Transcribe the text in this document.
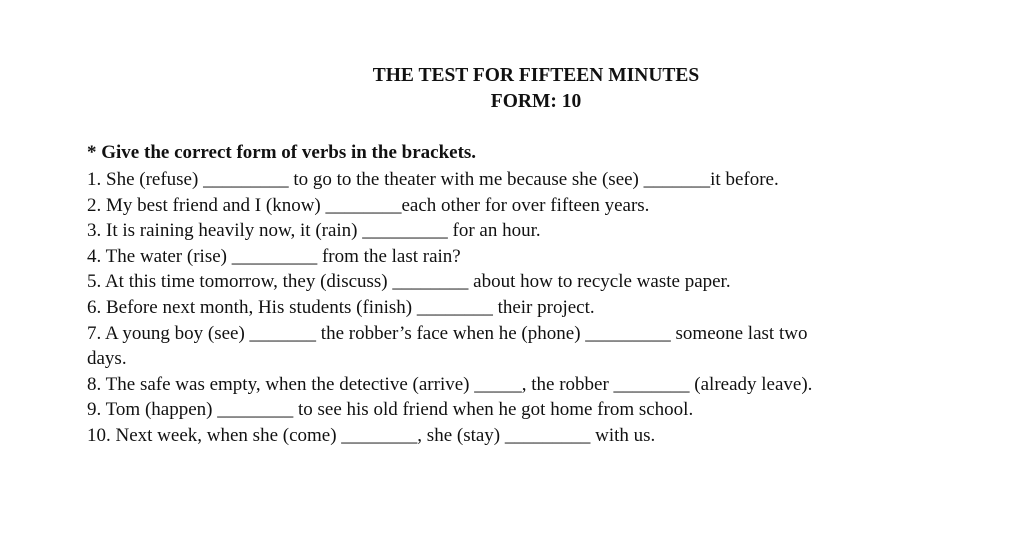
THE TEST FOR FIFTEEN MINUTES
FORM: 10
* Give the correct form of verbs in the brackets.
1. She (refuse) _________ to go to the theater with me because she (see) _______it before.
2. My best friend and I (know) ________each other for over fifteen years.
3. It is raining heavily now, it (rain) _________ for an hour.
4. The water (rise) _________ from the last rain?
5. At this time tomorrow, they (discuss) ________ about how to recycle waste paper.
6. Before next month, His students (finish) ________ their project.
7. A young boy (see) _______ the robber’s face when he (phone) _________ someone last two
days.
8. The safe was empty, when the detective (arrive) _____, the robber ________ (already leave).
9. Tom (happen) ________ to see his old friend when he got home from school.
10. Next week, when she (come) ________, she (stay) _________ with us.
